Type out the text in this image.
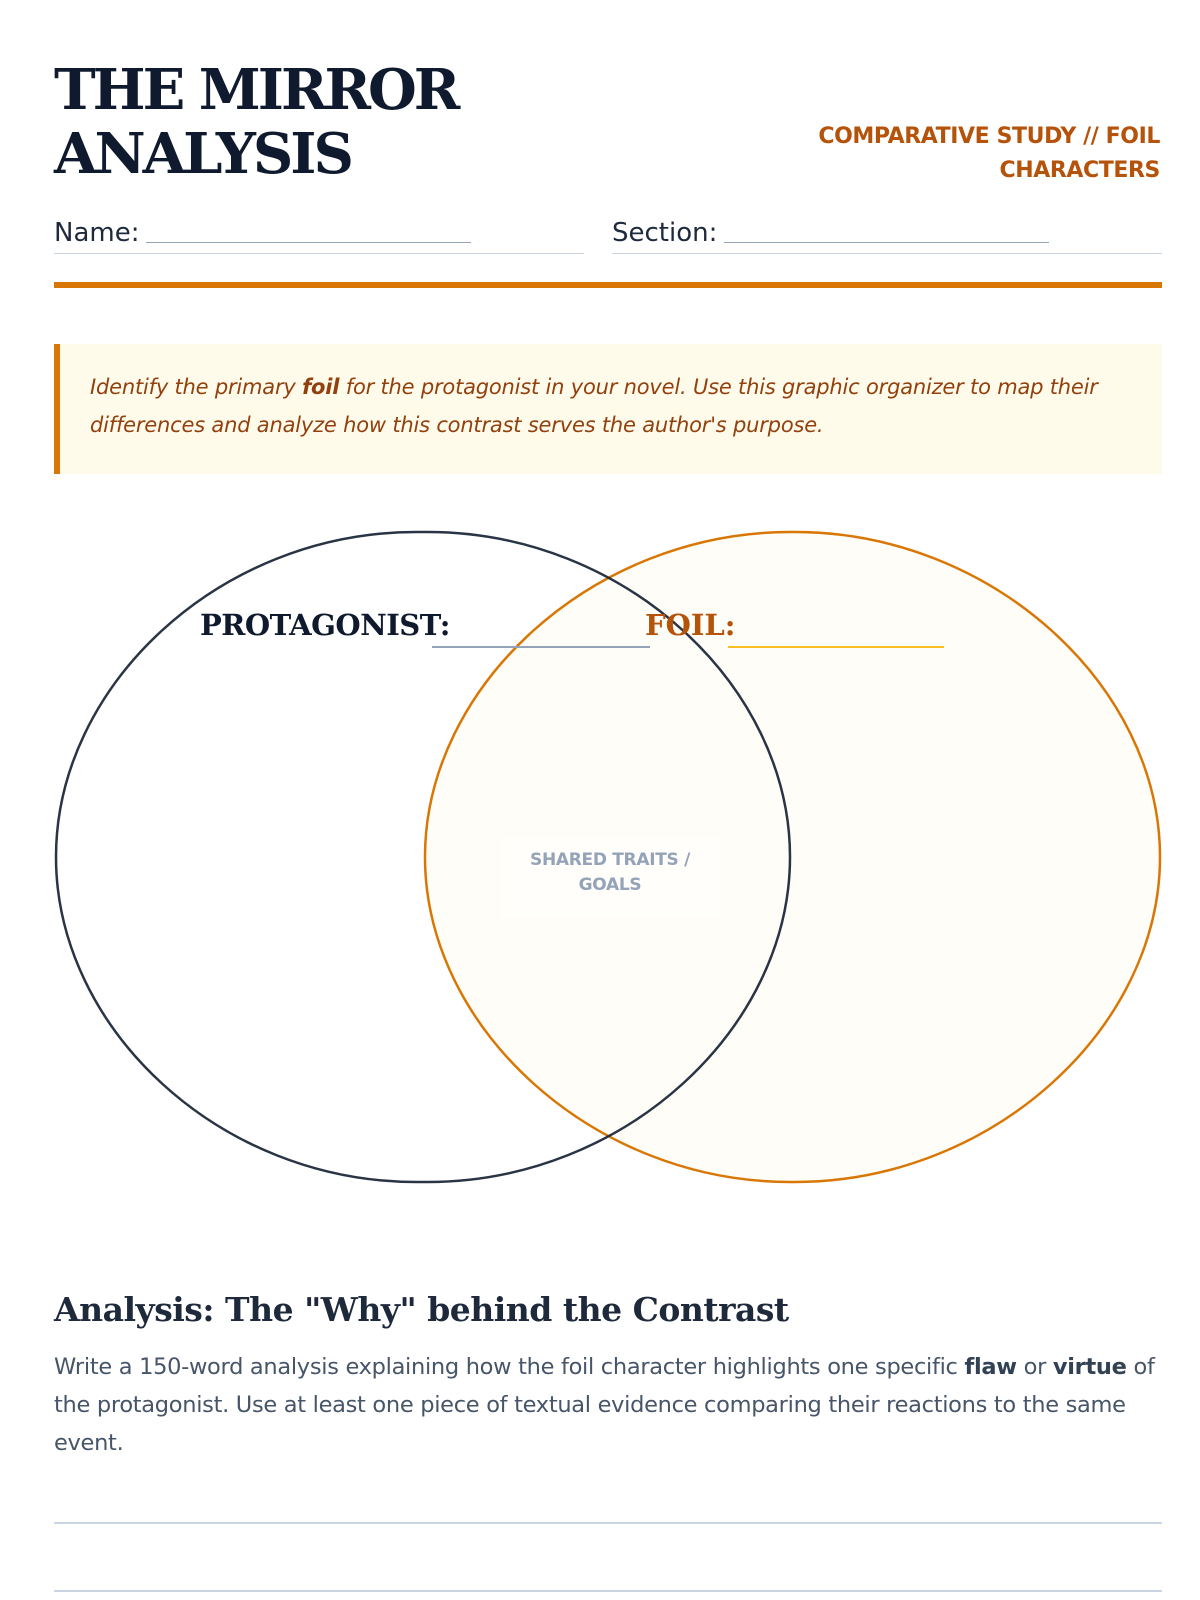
THE MIRROR
ANALYSIS	COMPARATIVE STUDY // FOIL
CHARACTERS
Name:	Section:

Identify the primary foil for the protagonist in your novel. Use this graphic organizer to map their differences and analyze how this contrast serves the author's purpose.

PROTAGONIST:	FOIL:
SHARED TRAITS /
GOALS
Analysis: The "Why" behind the Contrast

Write a 150-word analysis explaining how the foil character highlights one specific flaw or virtue of the protagonist. Use at least one piece of textual evidence comparing their reactions to the same event.
